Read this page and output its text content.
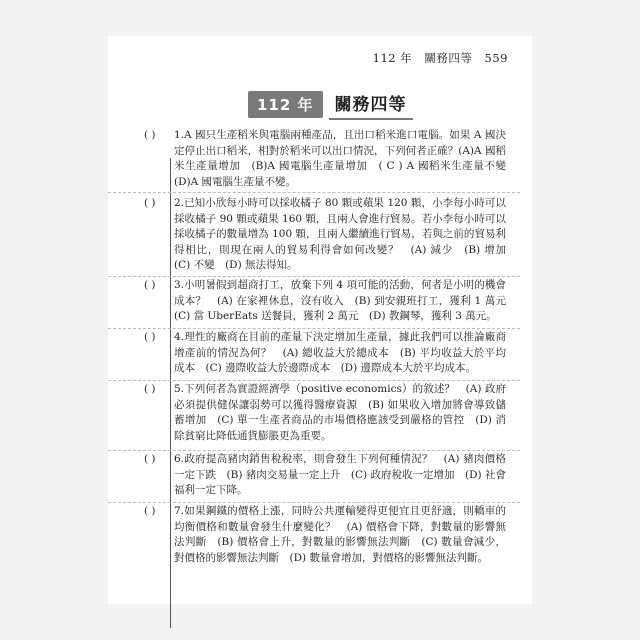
112 年 關務四等 559
112 年	關務四等
( )	1.A 國只生產稻米與電腦兩種產品，且出口稻米進口電腦。如果 A 國決定停止出口稻米，相對於稻米可以出口情況，下列何者正確？(A)A 國稻米生產量增加　(B)A 國電腦生產量增加　( C ) A 國稻米生產量不變　(D)A 國電腦生產量不變。
( )	2.已知小欣每小時可以採收橘子 80 顆或蘋果 120 顆，小李每小時可以採收橘子 90 顆或蘋果 160 顆，且兩人會進行貿易。若小李每小時可以採收橘子的數量增為 100 顆，且兩人繼續進行貿易，若與之前的貿易利得相比，則現在兩人的貿易利得會如何改變？　(A) 減少　(B) 增加　(C) 不變　(D) 無法得知。
( )	3.小明暑假到超商打工，放棄下列 4 項可能的活動，何者是小明的機會成本？　(A) 在家裡休息，沒有收入　(B) 到安親班打工，獲利 1 萬元　(C) 當 UberEats 送餐員，獲利 2 萬元　(D) 教鋼琴，獲利 3 萬元。
( )	4.理性的廠商在目前的產量下決定增加生產量，據此我們可以推論廠商增產前的情況為何？　(A) 總收益大於總成本　(B) 平均收益大於平均成本　(C) 邊際收益大於邊際成本　(D) 邊際成本大於平均成本。
( )	5.下列何者為實證經濟學（positive economics）的敘述？　(A) 政府必須提供健保讓弱勢可以獲得醫療資源　(B) 如果收入增加將會導致儲蓄增加　(C) 單一生產者商品的市場價格應該受到嚴格的管控　(D) 消除貧窮比降低通貨膨脹更為重要。
( )	6.政府提高豬肉銷售稅稅率，則會發生下列何種情況？　(A) 豬肉價格一定下跌　(B) 豬肉交易量一定上升　(C) 政府稅收一定增加　(D) 社會福利一定下降。
( )	7.如果鋼鐵的價格上漲，同時公共運輸變得更便宜且更舒適，則轎車的均衡價格和數量會發生什麼變化？　(A) 價格會下降，對數量的影響無法判斷　(B) 價格會上升，對數量的影響無法判斷　(C) 數量會減少，對價格的影響無法判斷　(D) 數量會增加，對價格的影響無法判斷。
